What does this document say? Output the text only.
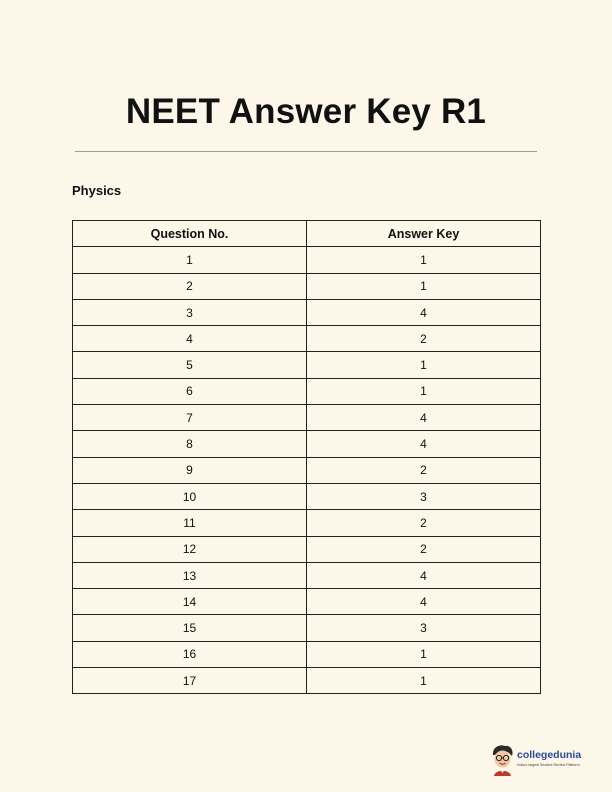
NEET Answer Key R1
Physics
Question No.	Answer Key
1	1
2	1
3	4
4	2
5	1
6	1
7	4
8	4
9	2
10	3
11	2
12	2
13	4
14	4
15	3
16	1
17	1
collegedunia
India's largest Student Review Platform
